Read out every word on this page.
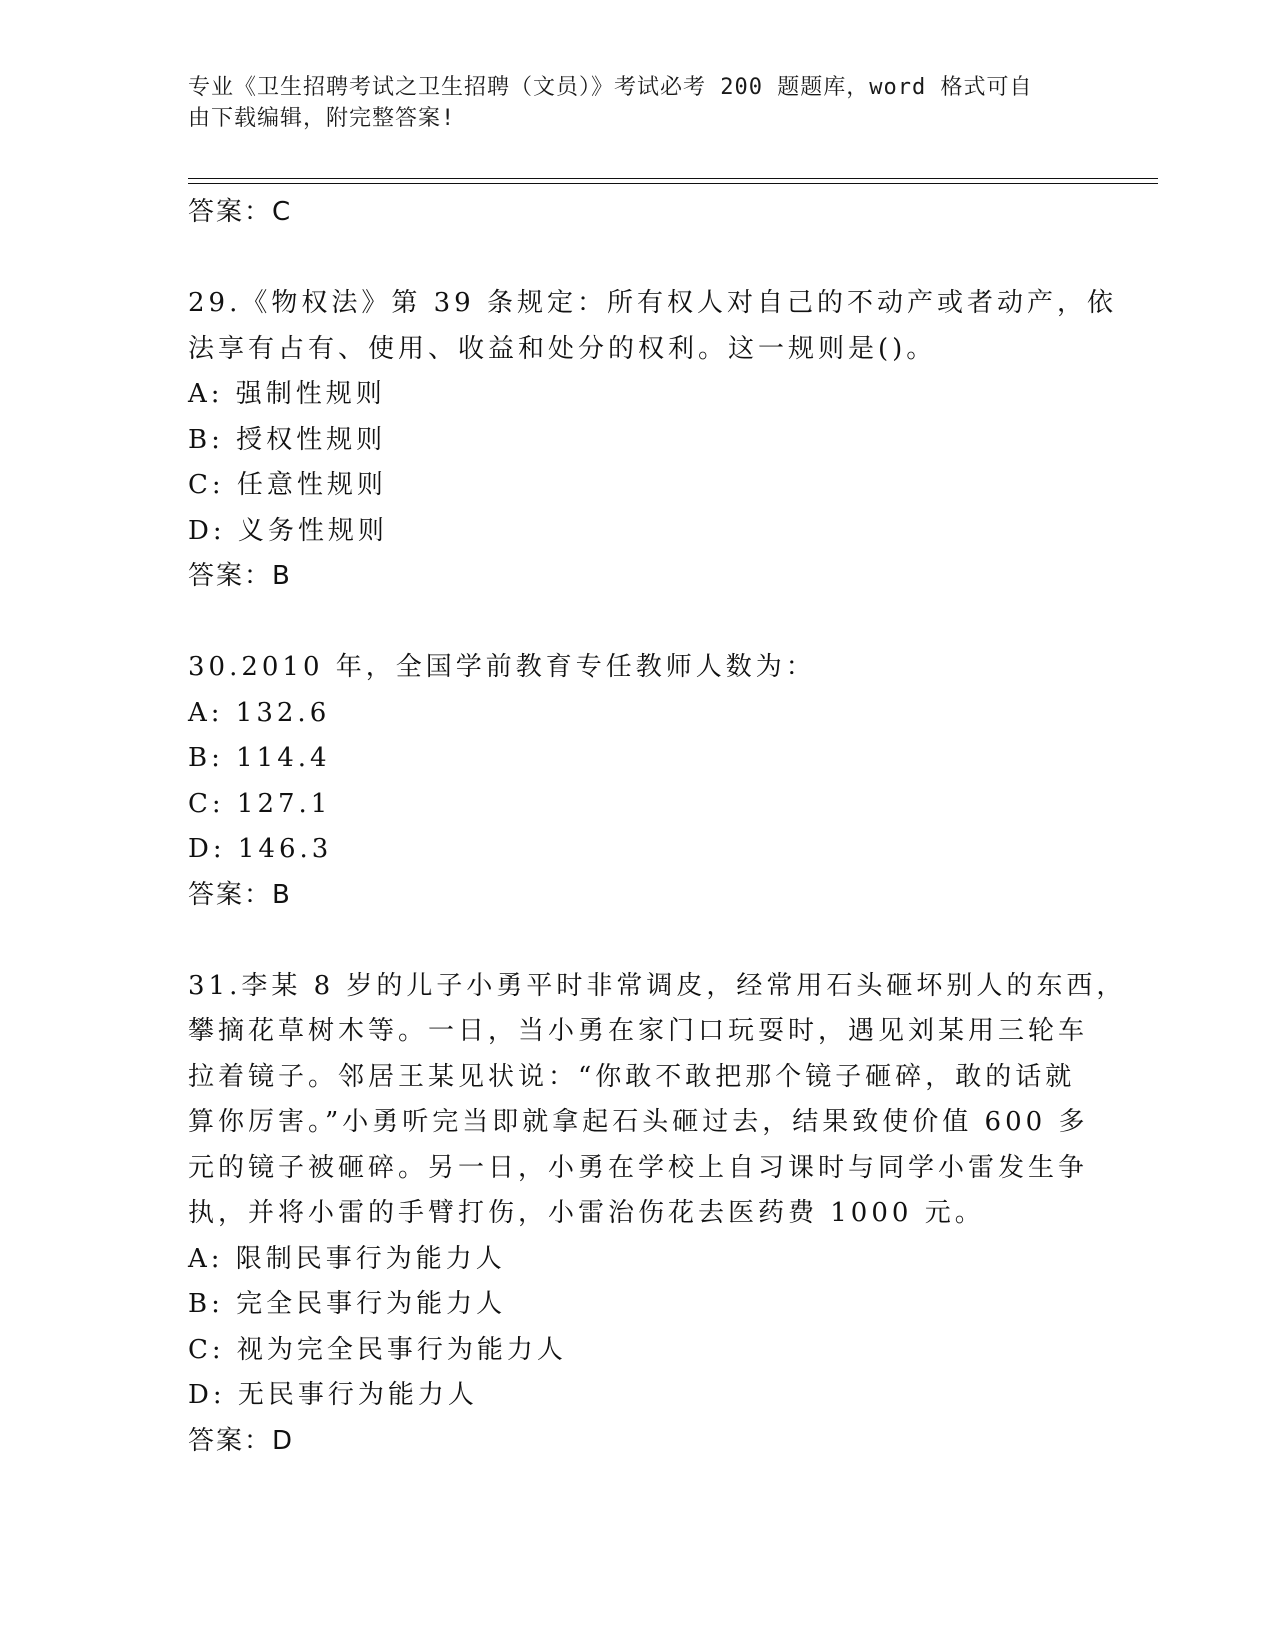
专业《卫生招聘考试之卫生招聘（文员）》考试必考 200 题题库，word 格式可自
由下载编辑，附完整答案!
答案：C
29.《物权法》第 39 条规定：所有权人对自己的不动产或者动产，依
法享有占有、使用、收益和处分的权利。这一规则是()。
A: 强制性规则
B: 授权性规则
C: 任意性规则
D: 义务性规则
答案：B
30.2010 年，全国学前教育专任教师人数为：
A: 132.6
B: 114.4
C: 127.1
D: 146.3
答案：B
31.李某 8 岁的儿子小勇平时非常调皮，经常用石头砸坏别人的东西，
攀摘花草树木等。一日，当小勇在家门口玩耍时，遇见刘某用三轮车
拉着镜子。邻居王某见状说：“你敢不敢把那个镜子砸碎，敢的话就
算你厉害。”小勇听完当即就拿起石头砸过去，结果致使价值 600 多
元的镜子被砸碎。另一日，小勇在学校上自习课时与同学小雷发生争
执，并将小雷的手臂打伤，小雷治伤花去医药费 1000 元。
A: 限制民事行为能力人
B: 完全民事行为能力人
C: 视为完全民事行为能力人
D: 无民事行为能力人
答案：D
